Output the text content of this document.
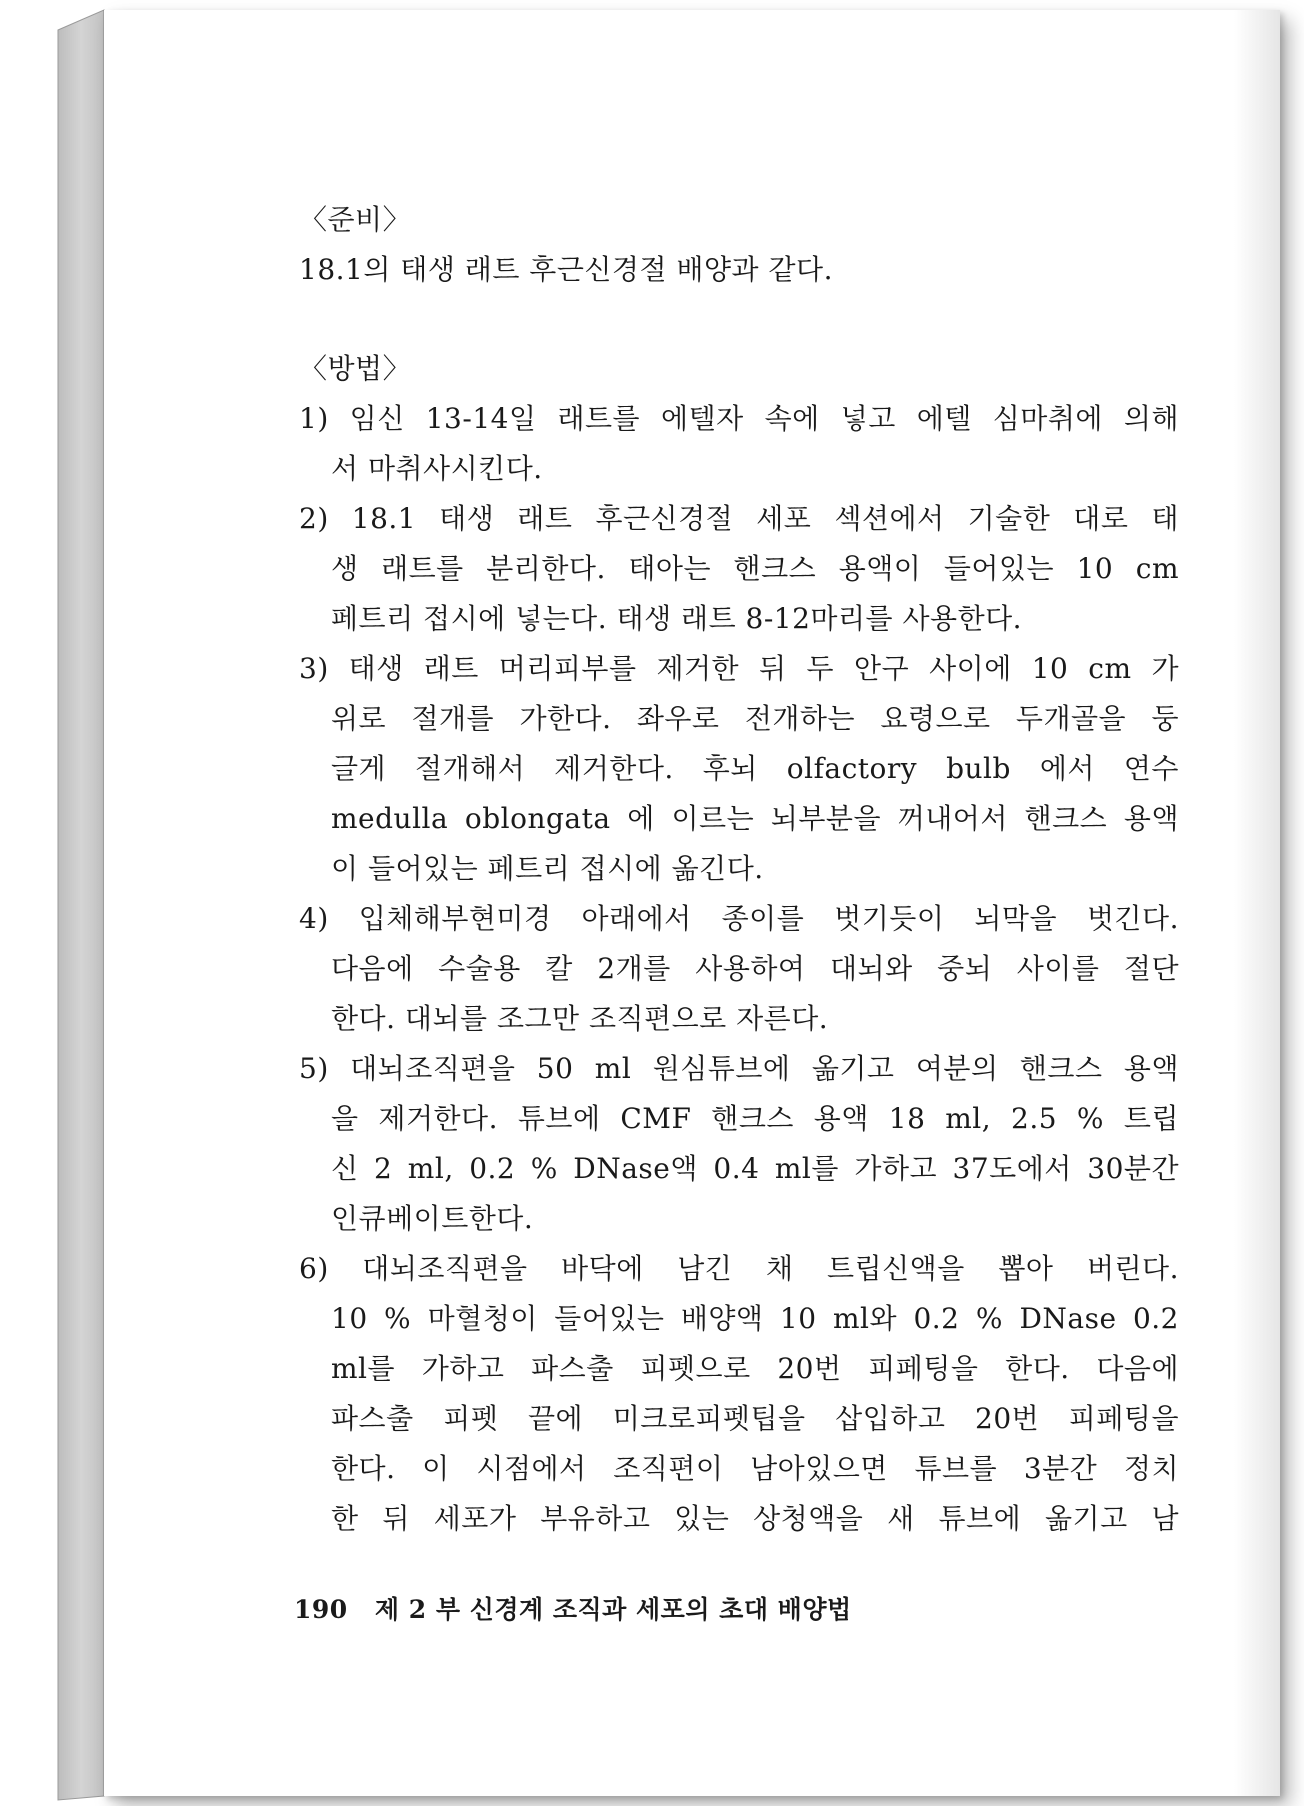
〈준비〉
18.1의 태생 래트 후근신경절 배양과 같다.
〈방법〉
1) 임신 13-14일 래트를 에텔자 속에 넣고 에텔 심마취에 의해
서 마취사시킨다.
2) 18.1 태생 래트 후근신경절 세포 섹션에서 기술한 대로 태
생 래트를 분리한다. 태아는 핸크스 용액이 들어있는 10 cm
페트리 접시에 넣는다. 태생 래트 8-12마리를 사용한다.
3) 태생 래트 머리피부를 제거한 뒤 두 안구 사이에 10 cm 가
위로 절개를 가한다. 좌우로 전개하는 요령으로 두개골을 둥
글게 절개해서 제거한다. 후뇌 olfactory bulb 에서 연수
medulla oblongata 에 이르는 뇌부분을 꺼내어서 핸크스 용액
이 들어있는 페트리 접시에 옮긴다.
4) 입체해부현미경 아래에서 종이를 벗기듯이 뇌막을 벗긴다.
다음에 수술용 칼 2개를 사용하여 대뇌와 중뇌 사이를 절단
한다. 대뇌를 조그만 조직편으로 자른다.
5) 대뇌조직편을 50 ml 원심튜브에 옮기고 여분의 핸크스 용액
을 제거한다. 튜브에 CMF 핸크스 용액 18 ml, 2.5 % 트립
신 2 ml, 0.2 % DNase액 0.4 ml를 가하고 37도에서 30분간
인큐베이트한다.
6) 대뇌조직편을 바닥에 남긴 채 트립신액을 뽑아 버린다.
10 % 마혈청이 들어있는 배양액 10 ml와 0.2 % DNase 0.2
ml를 가하고 파스출 피펫으로 20번 피페팅을 한다. 다음에
파스출 피펫 끝에 미크로피펫팁을 삽입하고 20번 피페팅을
한다. 이 시점에서 조직편이 남아있으면 튜브를 3분간 정치
한 뒤 세포가 부유하고 있는 상청액을 새 튜브에 옮기고 남
190 제 2 부 신경계 조직과 세포의 초대 배양법
